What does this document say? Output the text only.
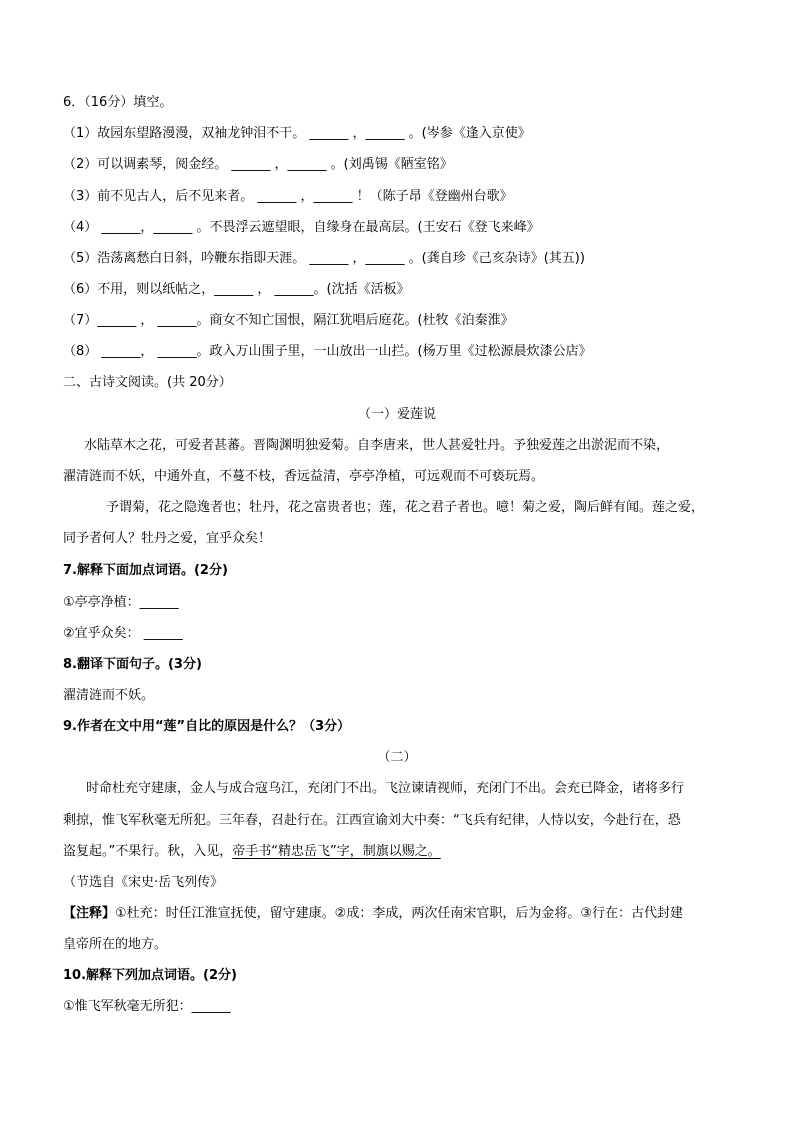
6．（16分）填空。
（1）故园东望路漫漫，双袖龙钟泪不干。 ______ ，______ 。(岑参《逢入京使》
（2）可以调素琴，阅金经。 ______ ，______ 。(刘禹锡《陋室铭》
（3）前不见古人，后不见来者。 ______ ，______ ！（陈子昂《登幽州台歌》
（4） ______，______ 。不畏浮云遮望眼，自缘身在最高层。(王安石《登飞来峰》
（5）浩荡离愁白日斜，吟鞭东指即天涯。 ______ ，______ 。(龚自珍《己亥杂诗》(其五))
（6）不用，则以纸帖之，______ ， ______。(沈括《活板》
（7）______ ， ______。商女不知亡国恨，隔江犹唱后庭花。(杜牧《泊秦淮》
（8） ______， ______。政入万山围子里，一山放出一山拦。(杨万里《过松源晨炊漆公店》
二、古诗文阅读。(共 20分）
（一）爱莲说
水陆草木之花，可爱者甚蕃。晋陶渊明独爱菊。自李唐来，世人甚爱牡丹。予独爱莲之出淤泥而不染，
濯清涟而不妖，中通外直，不蔓不枝，香远益清，亭亭净植，可远观而不可亵玩焉。
予谓菊，花之隐逸者也；牡丹，花之富贵者也；莲，花之君子者也。噫！菊之爱，陶后鲜有闻。莲之爱，
同予者何人？牡丹之爱，宜乎众矣！
7.解释下面加点词语。(2分)
①亭亭净植：______
②宜乎众矣： ______
8.翻译下面句子。(3分)
濯清涟而不妖。
9.作者在文中用“莲”自比的原因是什么？（3分）
（二）
时命杜充守建康，金人与成合寇乌江，充闭门不出。飞泣谏请视师，充闭门不出。会充已降金，诸将多行
剩掠，惟飞军秋毫无所犯。三年春，召赴行在。江西宣谕刘大中奏：“飞兵有纪律，人恃以安，今赴行在，恐
盗复起。”不果行。秋，入见，帝手书“精忠岳飞”字，制旗以赐之。
（节选自《宋史·岳飞列传》
【注释】①杜充：时任江淮宣抚使，留守建康。②成：李成，两次任南宋官职，后为金将。③行在：古代封建
皇帝所在的地方。
10.解释下列加点词语。(2分)
①惟飞军秋毫无所犯：______
